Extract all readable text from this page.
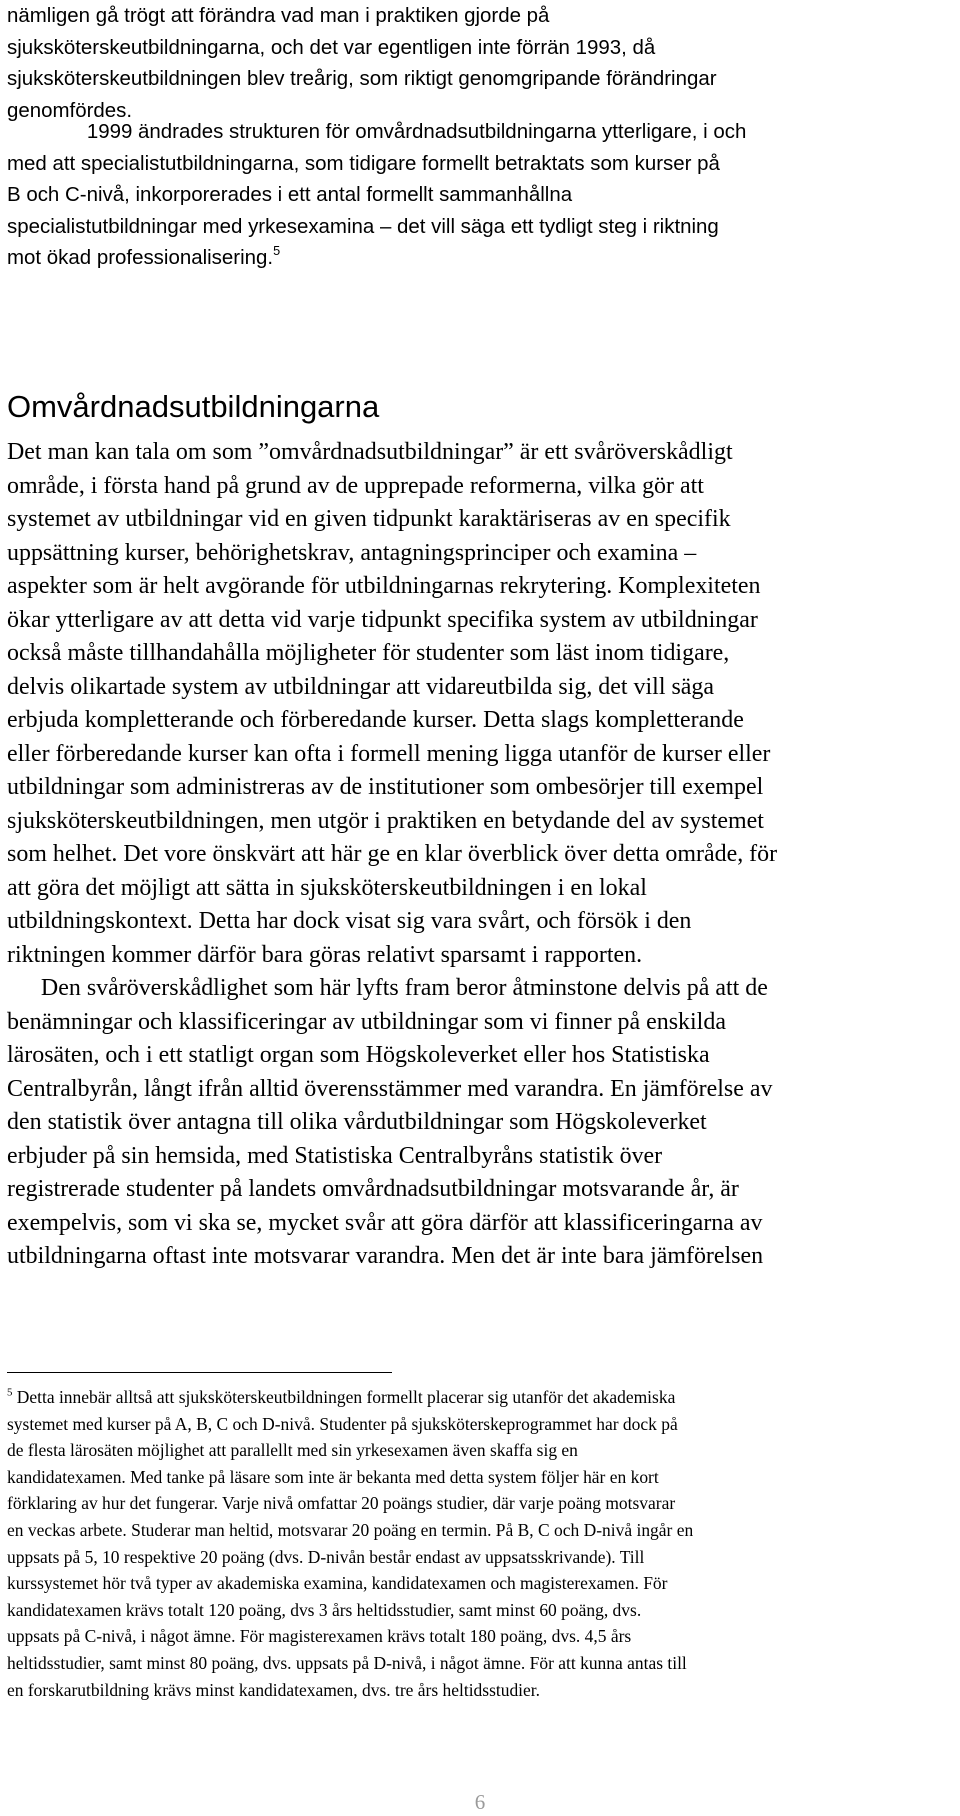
nämligen gå trögt att förändra vad man i praktiken gjorde på
sjuksköterskeutbildningarna, och det var egentligen inte förrän 1993, då
sjuksköterskeutbildningen blev treårig, som riktigt genomgripande förändringar
genomfördes.
1999 ändrades strukturen för omvårdnadsutbildningarna ytterligare, i och
med att specialistutbildningarna, som tidigare formellt betraktats som kurser på
B och C-nivå, inkorporerades i ett antal formellt sammanhållna
specialistutbildningar med yrkesexamina – det vill säga ett tydligt steg i riktning
mot ökad professionalisering.$^5$
Omvårdnadsutbildningarna
Det man kan tala om som ”omvårdnadsutbildningar” är ett svåröverskådligt
område, i första hand på grund av de upprepade reformerna, vilka gör att
systemet av utbildningar vid en given tidpunkt karaktäriseras av en specifik
uppsättning kurser, behörighetskrav, antagningsprinciper och examina –
aspekter som är helt avgörande för utbildningarnas rekrytering. Komplexiteten
ökar ytterligare av att detta vid varje tidpunkt specifika system av utbildningar
också måste tillhandahålla möjligheter för studenter som läst inom tidigare,
delvis olikartade system av utbildningar att vidareutbilda sig, det vill säga
erbjuda kompletterande och förberedande kurser. Detta slags kompletterande
eller förberedande kurser kan ofta i formell mening ligga utanför de kurser eller
utbildningar som administreras av de institutioner som ombesörjer till exempel
sjuksköterskeutbildningen, men utgör i praktiken en betydande del av systemet
som helhet. Det vore önskvärt att här ge en klar överblick över detta område, för
att göra det möjligt att sätta in sjuksköterskeutbildningen i en lokal
utbildningskontext. Detta har dock visat sig vara svårt, och försök i den
riktningen kommer därför bara göras relativt sparsamt i rapporten.
Den svåröverskådlighet som här lyfts fram beror åtminstone delvis på att de
benämningar och klassificeringar av utbildningar som vi finner på enskilda
lärosäten, och i ett statligt organ som Högskoleverket eller hos Statistiska
Centralbyrån, långt ifrån alltid överensstämmer med varandra. En jämförelse av
den statistik över antagna till olika vårdutbildningar som Högskoleverket
erbjuder på sin hemsida, med Statistiska Centralbyråns statistik över
registrerade studenter på landets omvårdnadsutbildningar motsvarande år, är
exempelvis, som vi ska se, mycket svår att göra därför att klassificeringarna av
utbildningarna oftast inte motsvarar varandra. Men det är inte bara jämförelsen
$^5$ Detta innebär alltså att sjuksköterskeutbildningen formellt placerar sig utanför det akademiska
systemet med kurser på A, B, C och D-nivå. Studenter på sjuksköterskeprogrammet har dock på
de flesta lärosäten möjlighet att parallellt med sin yrkesexamen även skaffa sig en
kandidatexamen. Med tanke på läsare som inte är bekanta med detta system följer här en kort
förklaring av hur det fungerar. Varje nivå omfattar 20 poängs studier, där varje poäng motsvarar
en veckas arbete. Studerar man heltid, motsvarar 20 poäng en termin. På B, C och D-nivå ingår en
uppsats på 5, 10 respektive 20 poäng (dvs. D-nivån består endast av uppsatsskrivande). Till
kurssystemet hör två typer av akademiska examina, kandidatexamen och magisterexamen. För
kandidatexamen krävs totalt 120 poäng, dvs 3 års heltidsstudier, samt minst 60 poäng, dvs.
uppsats på C-nivå, i något ämne. För magisterexamen krävs totalt 180 poäng, dvs. 4,5 års
heltidsstudier, samt minst 80 poäng, dvs. uppsats på D-nivå, i något ämne. För att kunna antas till
en forskarutbildning krävs minst kandidatexamen, dvs. tre års heltidsstudier.
6
